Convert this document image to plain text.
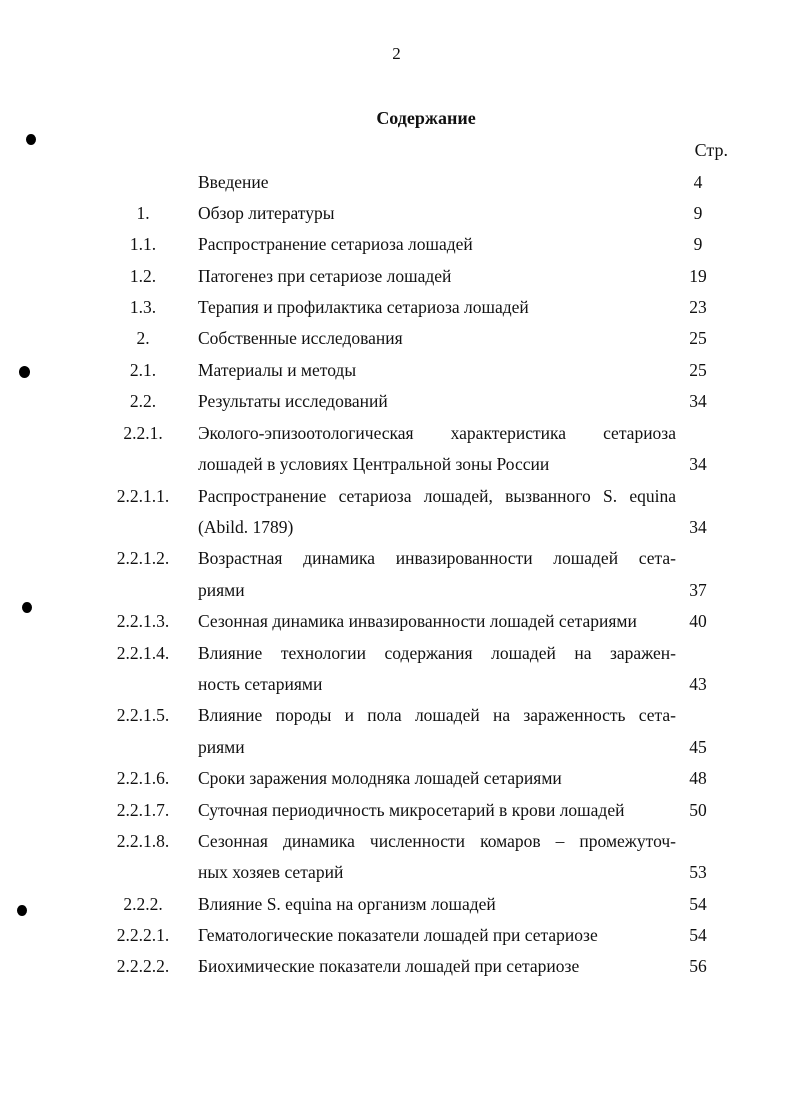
2
Содержание
Стр.
Введение	4
1.	Обзор литературы	9
1.1.	Распространение сетариоза лошадей	9
1.2.	Патогенез при сетариозе лошадей	19
1.3.	Терапия и профилактика сетариоза лошадей	23
2.	Собственные исследования	25
2.1.	Материалы и методы	25
2.2.	Результаты исследований	34
2.2.1.	Эколого-эпизоотологическая характеристика сетариоза
лошадей в условиях Центральной зоны России	34
2.2.1.1.	Распространение сетариоза лошадей, вызванного S. equina
(Abild. 1789)	34
2.2.1.2.	Возрастная динамика инвазированности лошадей сета-
риями	37
2.2.1.3.	Сезонная динамика инвазированности лошадей сетариями	40
2.2.1.4.	Влияние технологии содержания лошадей на заражен-
ность сетариями	43
2.2.1.5.	Влияние породы и пола лошадей на зараженность сета-
риями	45
2.2.1.6.	Сроки заражения молодняка лошадей сетариями	48
2.2.1.7.	Суточная периодичность микросетарий в крови лошадей	50
2.2.1.8.	Сезонная динамика численности комаров – промежуточ-
ных хозяев сетарий	53
2.2.2.	Влияние S. equina на организм лошадей	54
2.2.2.1.	Гематологические показатели лошадей при сетариозе	54
2.2.2.2.	Биохимические показатели лошадей при сетариозе	56
